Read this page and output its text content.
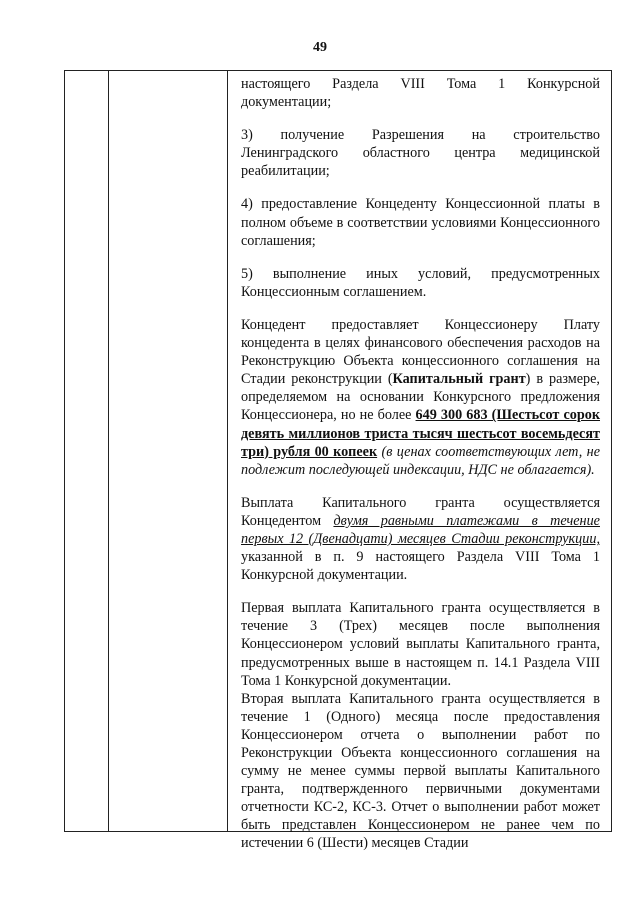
49

настоящего Раздела VIII Тома 1 Конкурсной документации;

3) получение Разрешения на строительство Ленинградского областного центра медицинской реабилитации;

4) предоставление Концеденту Концессионной платы в полном объеме в соответствии условиями Концессионного соглашения;

5) выполнение иных условий, предусмотренных Концессионным соглашением.

Концедент предоставляет Концессионеру Плату концедента в целях финансового обеспечения расходов на Реконструкцию Объекта концессионного соглашения на Стадии реконструкции (Капитальный грант) в размере, определяемом на основании Конкурсного предложения Концессионера, но не более 649 300 683 (Шестьсот сорок девять миллионов триста тысяч шестьсот восемьдесят три) рубля 00 копеек (в ценах соответствующих лет, не подлежит последующей индексации, НДС не облагается).

Выплата Капитального гранта осуществляется Концедентом двумя равными платежами в течение первых 12 (Двенадцати) месяцев Стадии реконструкции, указанной в п. 9 настоящего Раздела VIII Тома 1 Конкурсной документации.

Первая выплата Капитального гранта осуществляется в течение 3 (Трех) месяцев после выполнения Концессионером условий выплаты Капитального гранта, предусмотренных выше в настоящем п. 14.1 Раздела VIII Тома 1 Конкурсной документации.

Вторая выплата Капитального гранта осуществляется в течение 1 (Одного) месяца после предоставления Концессионером отчета о выполнении работ по Реконструкции Объекта концессионного соглашения на сумму не менее суммы первой выплаты Капитального гранта, подтвержденного первичными документами отчетности КС-2, КС-3. Отчет о выполнении работ может быть представлен Концессионером не ранее чем по истечении 6 (Шести) месяцев Стадии
